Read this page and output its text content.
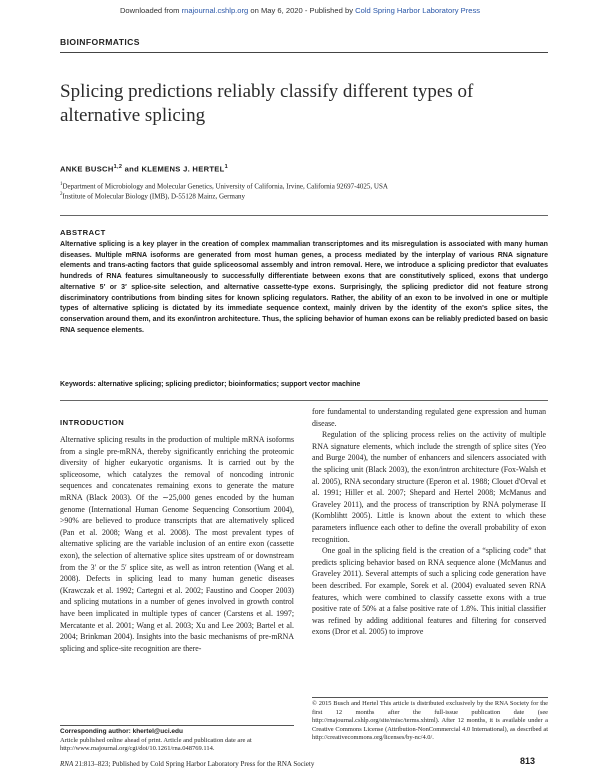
Downloaded from rnajournal.cshlp.org on May 6, 2020 - Published by Cold Spring Harbor Laboratory Press
BIOINFORMATICS
Splicing predictions reliably classify different types of alternative splicing
ANKE BUSCH$^{1,2}$ and KLEMENS J. HERTEL$^1$
$^1$Department of Microbiology and Molecular Genetics, University of California, Irvine, California 92697-4025, USA
$^2$Institute of Molecular Biology (IMB), D-55128 Mainz, Germany
ABSTRACT

Alternative splicing is a key player in the creation of complex mammalian transcriptomes and its misregulation is associated with many human diseases. Multiple mRNA isoforms are generated from most human genes, a process mediated by the interplay of various RNA signature elements and trans-acting factors that guide spliceosomal assembly and intron removal. Here, we introduce a splicing predictor that evaluates hundreds of RNA features simultaneously to successfully differentiate between exons that are constitutively spliced, exons that undergo alternative 5′ or 3′ splice-site selection, and alternative cassette-type exons. Surprisingly, the splicing predictor did not feature strong discriminatory contributions from binding sites for known splicing regulators. Rather, the ability of an exon to be involved in one or multiple types of alternative splicing is dictated by its immediate sequence context, mainly driven by the identity of the exon's splice sites, the conservation around them, and its exon/intron architecture. Thus, the splicing behavior of human exons can be reliably predicted based on basic RNA sequence elements.

Keywords: alternative splicing; splicing predictor; bioinformatics; support vector machine
INTRODUCTION

Alternative splicing results in the production of multiple mRNA isoforms from a single pre-mRNA, thereby significantly enriching the proteomic diversity of higher eukaryotic organisms. It is carried out by the spliceosome, which catalyzes the removal of noncoding intronic sequences and concatenates remaining exons to generate the mature mRNA (Black 2003). Of the ∼25,000 genes encoded by the human genome (International Human Genome Sequencing Consortium 2004), >90% are believed to produce transcripts that are alternatively spliced (Pan et al. 2008; Wang et al. 2008). The most prevalent types of alternative splicing are the variable inclusion of an entire exon (cassette exon), the selection of alternative splice sites upstream of or downstream from the 3′ or the 5′ splice site, as well as intron retention (Wang et al. 2008). Defects in splicing lead to many human genetic diseases (Krawczak et al. 1992; Cartegni et al. 2002; Faustino and Cooper 2003) and splicing mutations in a number of genes involved in growth control have been implicated in multiple types of cancer (Carstens et al. 1997; Mercatante et al. 2001; Wang et al. 2003; Xu and Lee 2003; Bartel et al. 2004; Brinkman 2004). Insights into the basic mechanisms of pre-mRNA splicing and splice-site recognition are there-

fore fundamental to understanding regulated gene expression and human disease.

Regulation of the splicing process relies on the activity of multiple RNA signature elements, which include the strength of splice sites (Yeo and Burge 2004), the number of enhancers and silencers associated with the splicing unit (Black 2003), the exon/intron architecture (Fox-Walsh et al. 2005), RNA secondary structure (Eperon et al. 1988; Clouet d'Orval et al. 1991; Hiller et al. 2007; Shepard and Hertel 2008; McManus and Graveley 2011), and the process of transcription by RNA polymerase II (Kornblihtt 2005). Little is known about the extent to which these parameters influence each other to define the overall probability of exon recognition.

One goal in the splicing field is the creation of a “splicing code” that predicts splicing behavior based on RNA sequence alone (McManus and Graveley 2011). Several attempts of such a splicing code generation have been described. For example, Sorek et al. (2004) evaluated seven RNA features, which were combined to classify cassette exons with a true positive rate of 50% at a false positive rate of 1.8%. This initial classifier was refined by adding additional features and filtering for conserved exons (Dror et al. 2005) to improve

© 2015 Busch and Hertel This article is distributed exclusively by the RNA Society for the first 12 months after the full-issue publication date (see http://rnajournal.cshlp.org/site/misc/terms.xhtml). After 12 months, it is available under a Creative Commons License (Attribution-NonCommercial 4.0 International), as described at http://creativecommons.org/licenses/by-nc/4.0/.
Corresponding author: khertel@uci.edu
Article published online ahead of print. Article and publication date are at http://www.rnajournal.org/cgi/doi/10.1261/rna.048769.114.
RNA 21:813–823; Published by Cold Spring Harbor Laboratory Press for the RNA Society	813
